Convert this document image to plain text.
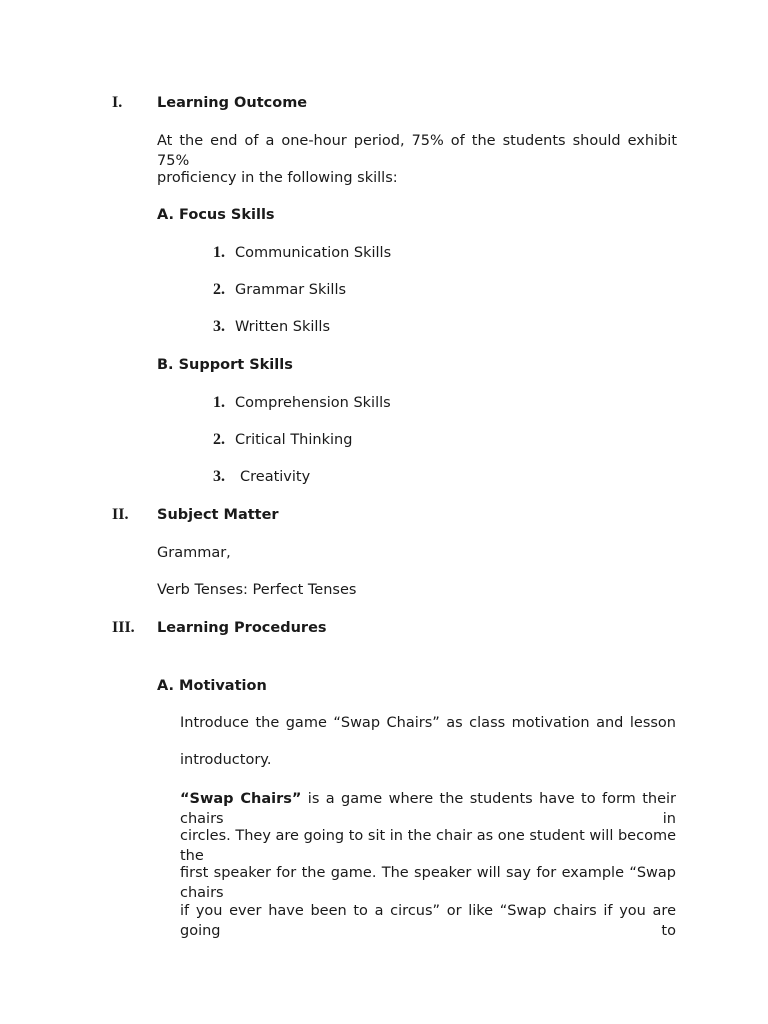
I. Learning Outcome
At the end of a one-hour period, 75% of the students should exhibit 75%
proficiency in the following skills:
A. Focus Skills
1. Communication Skills
2. Grammar Skills
3. Written Skills
B. Support Skills
1. Comprehension Skills
2. Critical Thinking
3. Creativity
II. Subject Matter
Grammar,
Verb Tenses: Perfect Tenses
III. Learning Procedures
A. Motivation
Introduce the game “Swap Chairs” as class motivation and lesson
introductory.
“Swap Chairs” is a game where the students have to form their chairs in
circles. They are going to sit in the chair as one student will become the
first speaker for the game. The speaker will say for example “Swap chairs
if you ever have been to a circus” or like “Swap chairs if you are going to
